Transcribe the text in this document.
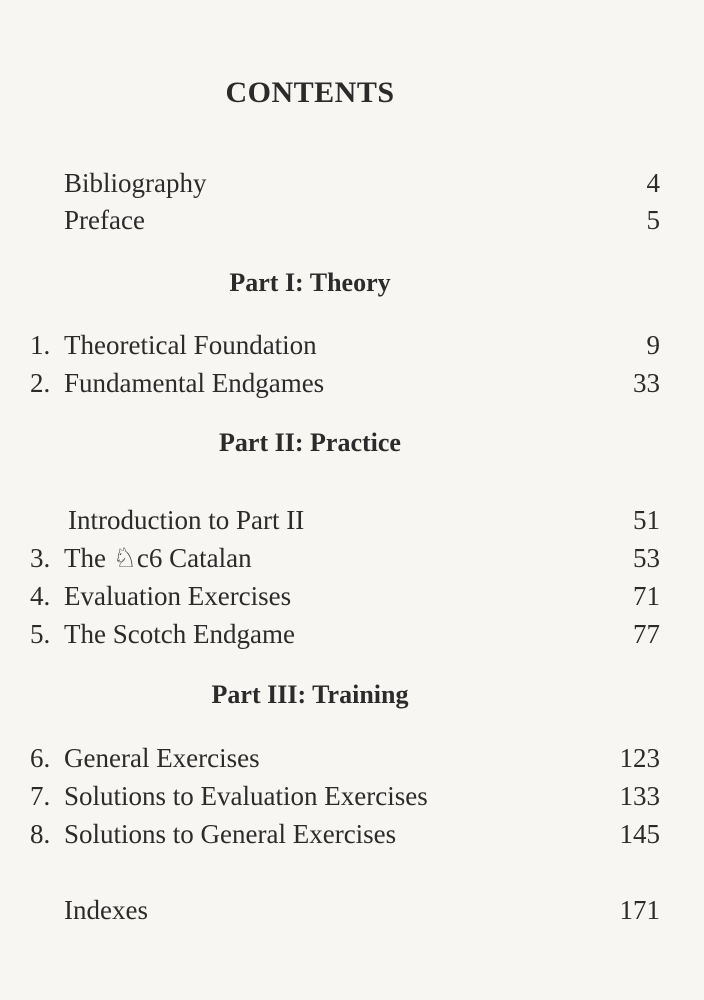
CONTENTS
Bibliography	4
Preface	5
Part I: Theory
1. Theoretical Foundation	9
2. Fundamental Endgames	33
Part II: Practice
Introduction to Part II	51
3. The ♘c6 Catalan	53
4. Evaluation Exercises	71
5. The Scotch Endgame	77
Part III: Training
6. General Exercises	123
7. Solutions to Evaluation Exercises	133
8. Solutions to General Exercises	145
Indexes	171
